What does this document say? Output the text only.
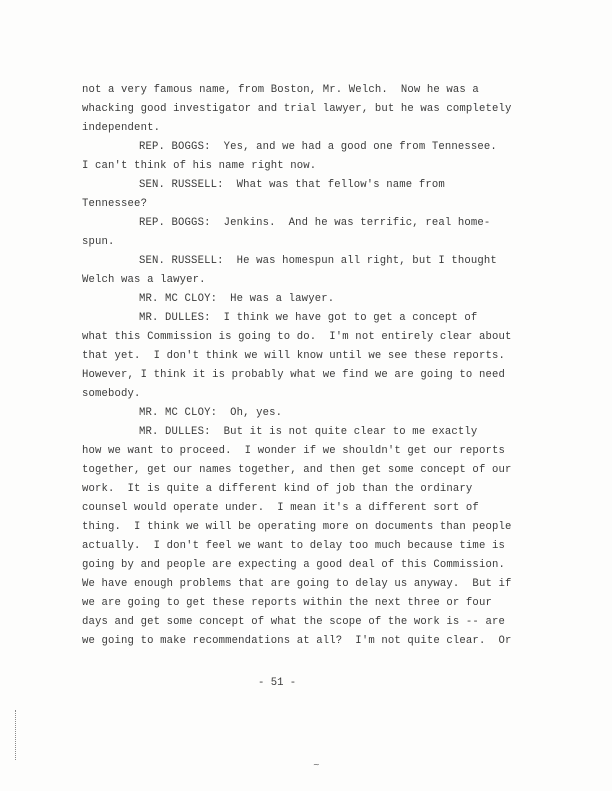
not a very famous name, from Boston, Mr. Welch.  Now he was a
whacking good investigator and trial lawyer, but he was completely
independent.
REP. BOGGS:  Yes, and we had a good one from Tennessee.
I can't think of his name right now.
SEN. RUSSELL:  What was that fellow's name from
Tennessee?
REP. BOGGS:  Jenkins.  And he was terrific, real home-
spun.
SEN. RUSSELL:  He was homespun all right, but I thought
Welch was a lawyer.
MR. MC CLOY:  He was a lawyer.
MR. DULLES:  I think we have got to get a concept of
what this Commission is going to do.  I'm not entirely clear about
that yet.  I don't think we will know until we see these reports.
However, I think it is probably what we find we are going to need
somebody.
MR. MC CLOY:  Oh, yes.
MR. DULLES:  But it is not quite clear to me exactly
how we want to proceed.  I wonder if we shouldn't get our reports
together, get our names together, and then get some concept of our
work.  It is quite a different kind of job than the ordinary
counsel would operate under.  I mean it's a different sort of
thing.  I think we will be operating more on documents than people
actually.  I don't feel we want to delay too much because time is
going by and people are expecting a good deal of this Commission.
We have enough problems that are going to delay us anyway.  But if
we are going to get these reports within the next three or four
days and get some concept of what the scope of the work is -- are
we going to make recommendations at all?  I'm not quite clear.  Or
- 51 -
~
